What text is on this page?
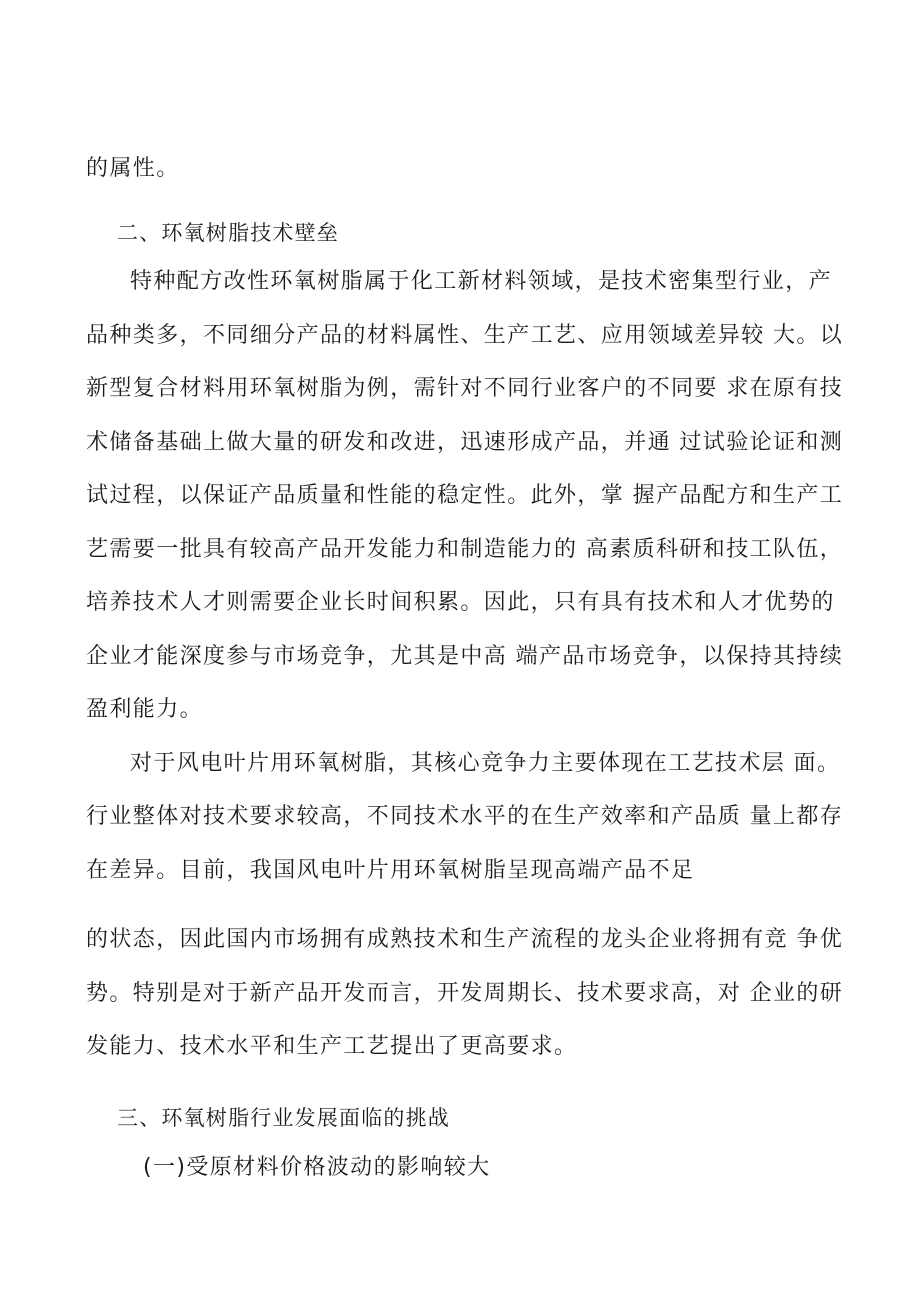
的属性。
二、环氧树脂技术壁垒
特种配方改性环氧树脂属于化工新材料领域，是技术密集型行业，产
品种类多，不同细分产品的材料属性、生产工艺、应用领域差异较 大。以
新型复合材料用环氧树脂为例，需针对不同行业客户的不同要 求在原有技
术储备基础上做大量的研发和改进，迅速形成产品，并通 过试验论证和测
试过程，以保证产品质量和性能的稳定性。此外，掌 握产品配方和生产工
艺需要一批具有较高产品开发能力和制造能力的 高素质科研和技工队伍，
培养技术人才则需要企业长时间积累。因此，只有具有技术和人才优势的
企业才能深度参与市场竞争，尤其是中高 端产品市场竞争，以保持其持续
盈利能力。
对于风电叶片用环氧树脂，其核心竞争力主要体现在工艺技术层 面。
行业整体对技术要求较高，不同技术水平的在生产效率和产品质 量上都存
在差异。目前，我国风电叶片用环氧树脂呈现高端产品不足
的状态，因此国内市场拥有成熟技术和生产流程的龙头企业将拥有竞 争优
势。特别是对于新产品开发而言，开发周期长、技术要求高，对 企业的研
发能力、技术水平和生产工艺提出了更高要求。
三、环氧树脂行业发展面临的挑战
(一)受原材料价格波动的影响较大
